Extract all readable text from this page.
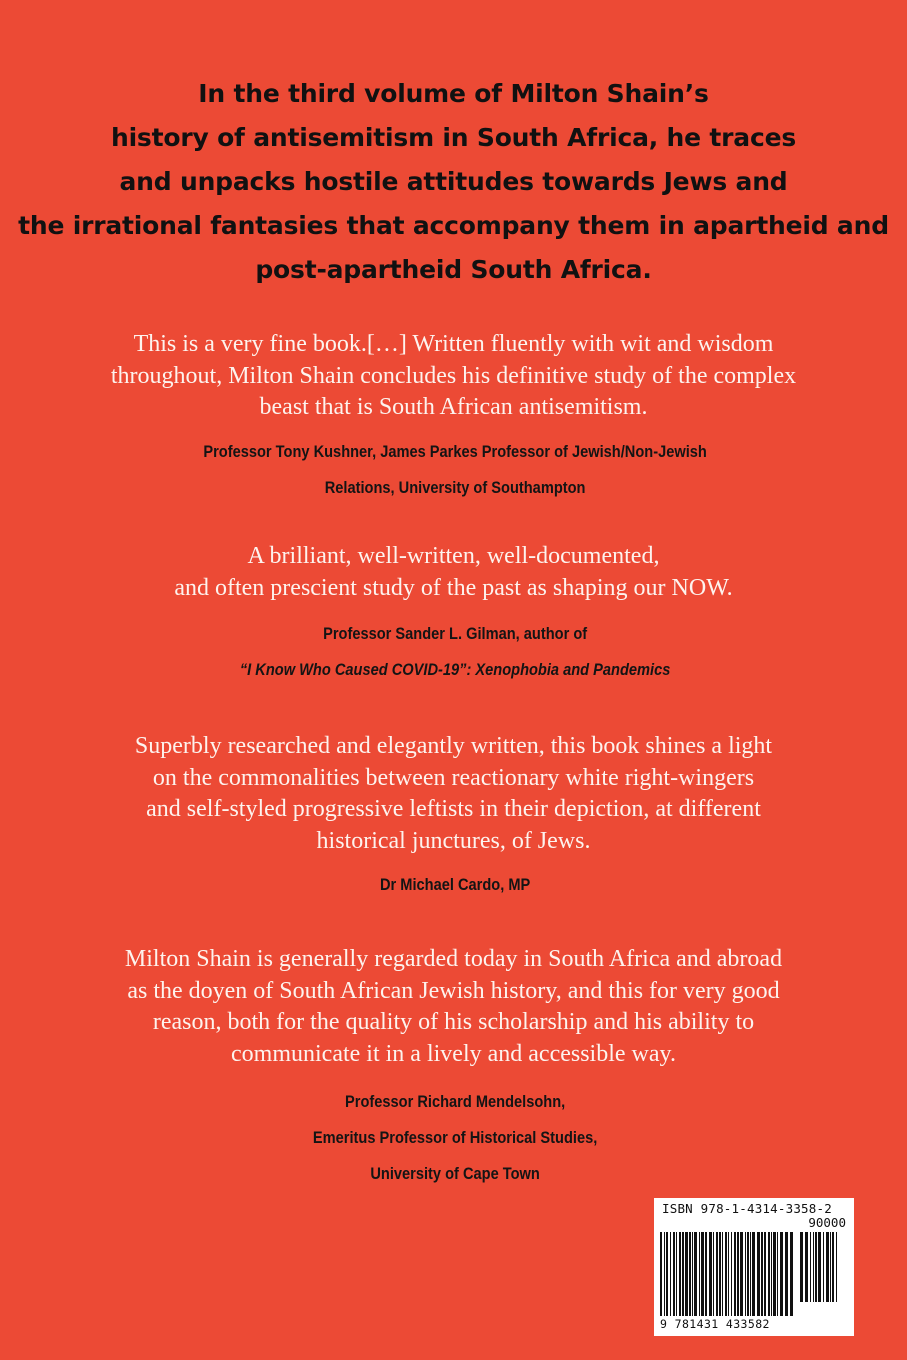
In the third volume of Milton Shain’s
history of antisemitism in South Africa, he traces
and unpacks hostile attitudes towards Jews and
the irrational fantasies that accompany them in apartheid and
post-apartheid South Africa.
This is a very fine book.[…] Written fluently with wit and wisdom
throughout, Milton Shain concludes his definitive study of the complex
beast that is South African antisemitism.
Professor Tony Kushner, James Parkes Professor of Jewish/Non-Jewish
Relations, University of Southampton
A brilliant, well-written, well-documented,
and often prescient study of the past as shaping our NOW.
Professor Sander L. Gilman, author of
“I Know Who Caused COVID-19”: Xenophobia and Pandemics
Superbly researched and elegantly written, this book shines a light
on the commonalities between reactionary white right-wingers
and self-styled progressive leftists in their depiction, at different
historical junctures, of Jews.
Dr Michael Cardo, MP
Milton Shain is generally regarded today in South Africa and abroad
as the doyen of South African Jewish history, and this for very good
reason, both for the quality of his scholarship and his ability to
communicate it in a lively and accessible way.
Professor Richard Mendelsohn,
Emeritus Professor of Historical Studies,
University of Cape Town
ISBN 978-1-4314-3358-2
90000
9 781431 433582
